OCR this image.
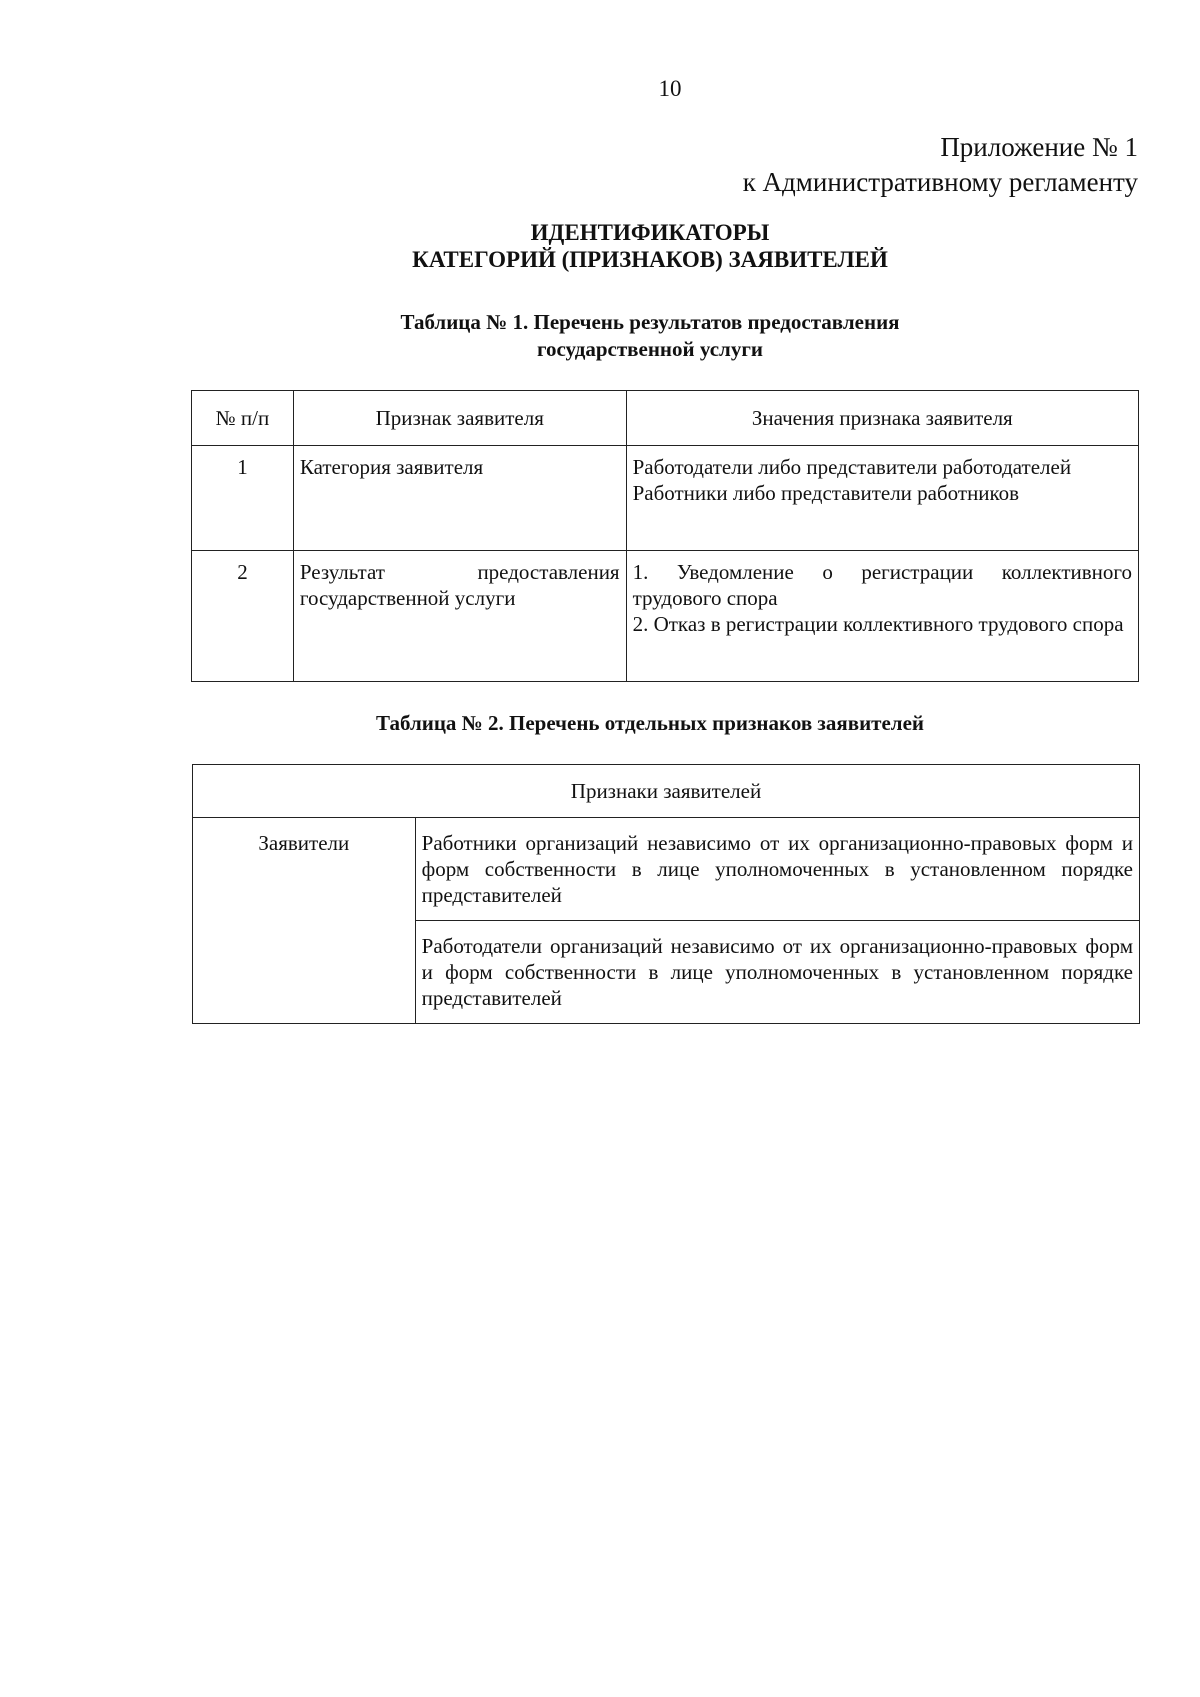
10
Приложение № 1
к Административному регламенту
ИДЕНТИФИКАТОРЫ
КАТЕГОРИЙ (ПРИЗНАКОВ) ЗАЯВИТЕЛЕЙ
Таблица № 1. Перечень результатов предоставления
государственной услуги
№ п/п	Признак заявителя	Значения признака заявителя
1	Категория заявителя	Работодатели либо представители работодателей
Работники либо представители работников

2	Результат предоставления государственной услуги	1. Уведомление о регистрации коллективного трудового спора
2. Отказ в регистрации коллективного трудового спора
Таблица № 2. Перечень отдельных признаков заявителей
Признаки заявителей
Заявители	Работники организаций независимо от их организационно-правовых форм и форм собственности в лице уполномоченных в установленном порядке представителей
Работодатели организаций независимо от их организационно-правовых форм и форм собственности в лице уполномоченных в установленном порядке представителей
